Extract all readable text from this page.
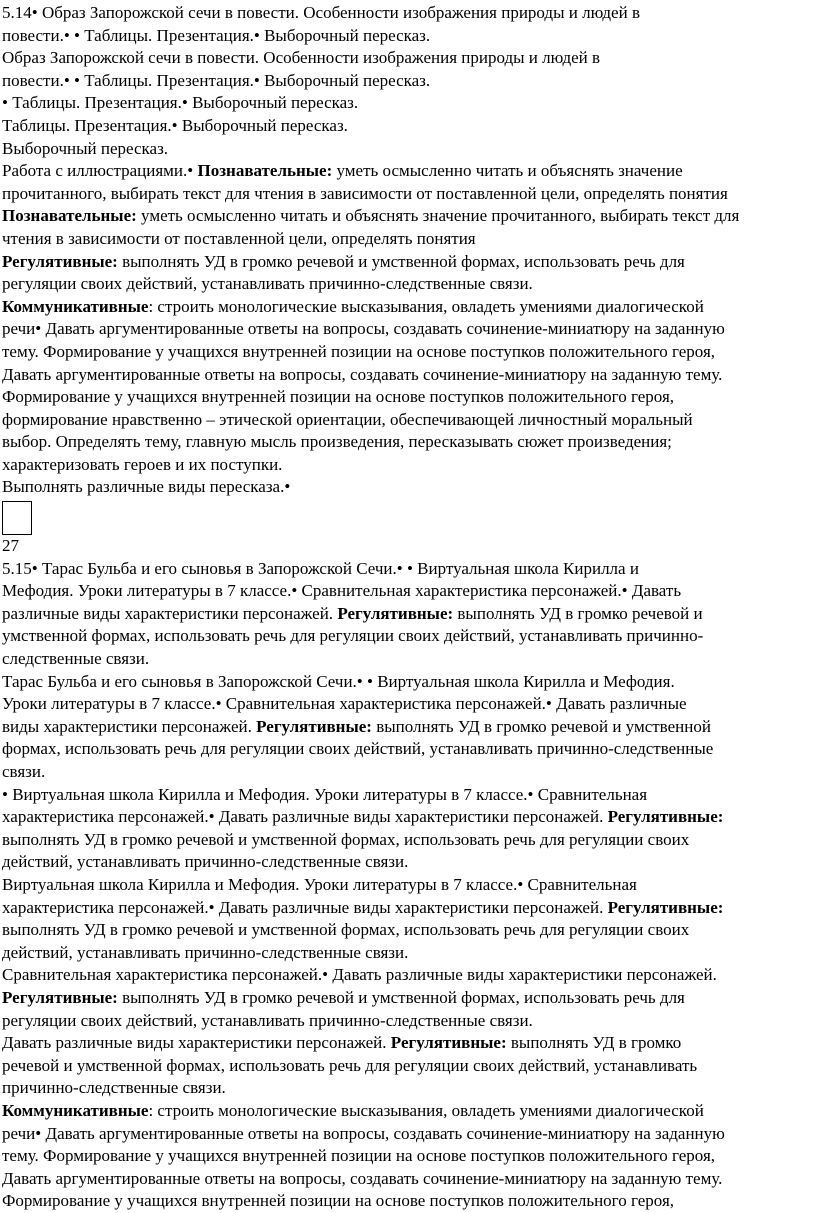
5.14• Образ Запорожской сечи в повести. Особенности изображения природы и людей в
повести.• • Таблицы. Презентация.• Выборочный пересказ.
Образ Запорожской сечи в повести. Особенности изображения природы и людей в
повести.• • Таблицы. Презентация.• Выборочный пересказ.
• Таблицы. Презентация.• Выборочный пересказ.
Таблицы. Презентация.• Выборочный пересказ.
Выборочный пересказ.
Работа с иллюстрациями.• Познавательные: уметь осмысленно читать и объяснять значение
прочитанного, выбирать текст для чтения в зависимости от поставленной цели, определять понятия
Познавательные: уметь осмысленно читать и объяснять значение прочитанного, выбирать текст для
чтения в зависимости от поставленной цели, определять понятия
Регулятивные: выполнять УД в громко речевой и умственной формах, использовать речь для
регуляции своих действий, устанавливать причинно-следственные связи.
Коммуникативные: строить монологические высказывания, овладеть умениями диалогической
речи• Давать аргументированные ответы на вопросы, создавать сочинение-миниатюру на заданную
тему. Формирование у учащихся внутренней позиции на основе поступков положительного героя,
Давать аргументированные ответы на вопросы, создавать сочинение-миниатюру на заданную тему.
Формирование у учащихся внутренней позиции на основе поступков положительного героя,
формирование нравственно – этической ориентации, обеспечивающей личностный моральный
выбор. Определять тему, главную мысль произведения, пересказывать сюжет произведения;
характеризовать героев и их поступки.
Выполнять различные виды пересказа.•
27
5.15• Тарас Бульба и его сыновья в Запорожской Сечи.• • Виртуальная школа Кирилла и
Мефодия. Уроки литературы в 7 классе.• Сравнительная характеристика персонажей.• Давать
различные виды характеристики персонажей. Регулятивные: выполнять УД в громко речевой и
умственной формах, использовать речь для регуляции своих действий, устанавливать причинно-
следственные связи.
Тарас Бульба и его сыновья в Запорожской Сечи.• • Виртуальная школа Кирилла и Мефодия.
Уроки литературы в 7 классе.• Сравнительная характеристика персонажей.• Давать различные
виды характеристики персонажей. Регулятивные: выполнять УД в громко речевой и умственной
формах, использовать речь для регуляции своих действий, устанавливать причинно-следственные
связи.
• Виртуальная школа Кирилла и Мефодия. Уроки литературы в 7 классе.• Сравнительная
характеристика персонажей.• Давать различные виды характеристики персонажей. Регулятивные:
выполнять УД в громко речевой и умственной формах, использовать речь для регуляции своих
действий, устанавливать причинно-следственные связи.
Виртуальная школа Кирилла и Мефодия. Уроки литературы в 7 классе.• Сравнительная
характеристика персонажей.• Давать различные виды характеристики персонажей. Регулятивные:
выполнять УД в громко речевой и умственной формах, использовать речь для регуляции своих
действий, устанавливать причинно-следственные связи.
Сравнительная характеристика персонажей.• Давать различные виды характеристики персонажей.
Регулятивные: выполнять УД в громко речевой и умственной формах, использовать речь для
регуляции своих действий, устанавливать причинно-следственные связи.
Давать различные виды характеристики персонажей. Регулятивные: выполнять УД в громко
речевой и умственной формах, использовать речь для регуляции своих действий, устанавливать
причинно-следственные связи.
Коммуникативные: строить монологические высказывания, овладеть умениями диалогической
речи• Давать аргументированные ответы на вопросы, создавать сочинение-миниатюру на заданную
тему. Формирование у учащихся внутренней позиции на основе поступков положительного героя,
Давать аргументированные ответы на вопросы, создавать сочинение-миниатюру на заданную тему.
Формирование у учащихся внутренней позиции на основе поступков положительного героя,
